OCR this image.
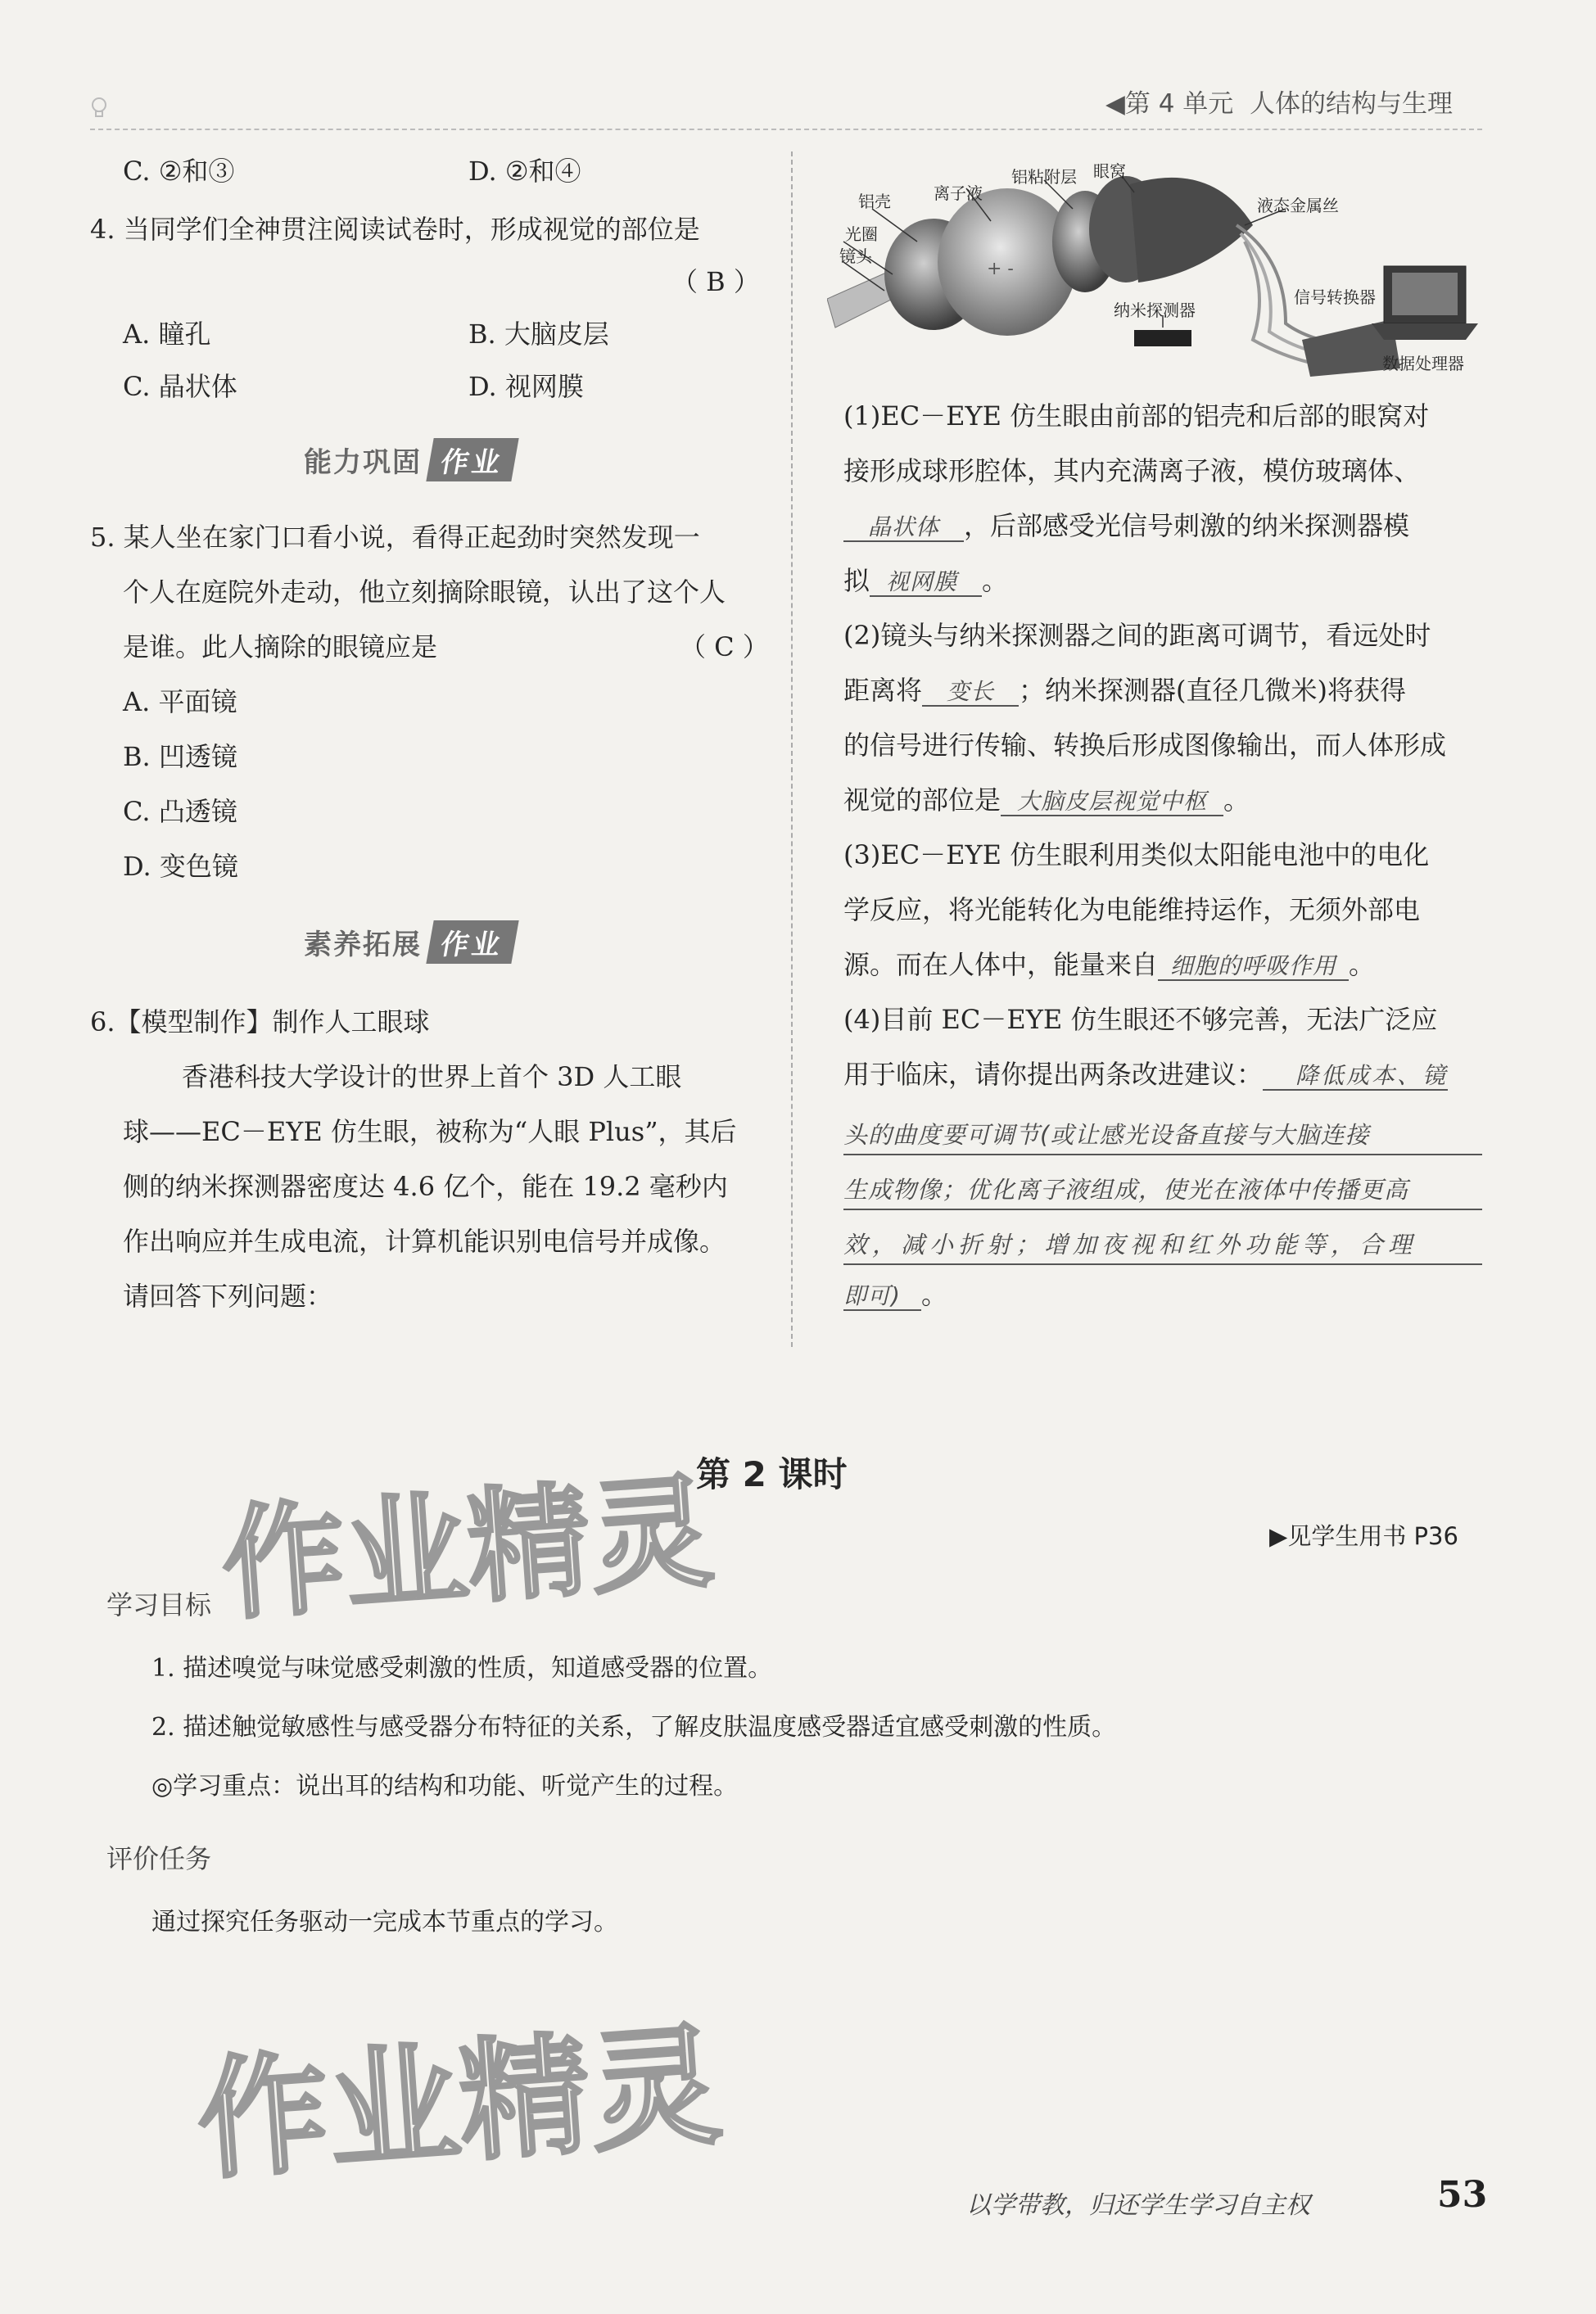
◀第 4 单元 人体的结构与生理
C. ②和③	D. ②和④
4. 当同学们全神贯注阅读试卷时，形成视觉的部位是
（ B ）
A. 瞳孔	B. 大脑皮层
C. 晶状体	D. 视网膜
能力巩固 作业
5. 某人坐在家门口看小说，看得正起劲时突然发现一
个人在庭院外走动，他立刻摘除眼镜，认出了这个人
是谁。此人摘除的眼镜应是	（ C ）
A. 平面镜
B. 凹透镜
C. 凸透镜
D. 变色镜
素养拓展 作业
6.【模型制作】制作人工眼球
香港科技大学设计的世界上首个 3D 人工眼
球——EC－EYE 仿生眼，被称为“人眼 Plus”，其后
侧的纳米探测器密度达 4.6 亿个，能在 19.2 毫秒内
作出响应并生成电流，计算机能识别电信号并成像。
请回答下列问题：
+ -
铝壳	离子液
铝粘附层 眼窝
液态金属丝
光圈
镜头
纳米探测器
信号转换器
数据处理器
(1)EC－EYE 仿生眼由前部的铝壳和后部的眼窝对
接形成球形腔体，其内充满离子液，模仿玻璃体、
晶状体 ，后部感受光信号刺激的纳米探测器模
拟 视网膜 。
(2)镜头与纳米探测器之间的距离可调节，看远处时
距离将 变长 ；纳米探测器(直径几微米)将获得
的信号进行传输、转换后形成图像输出，而人体形成
视觉的部位是 大脑皮层视觉中枢 。
(3)EC－EYE 仿生眼利用类似太阳能电池中的电化
学反应，将光能转化为电能维持运作，无须外部电
源。而在人体中，能量来自 细胞的呼吸作用 。
(4)目前 EC－EYE 仿生眼还不够完善，无法广泛应
用于临床，请你提出两条改进建议： 降低成本、镜
头的曲度要可调节(或让感光设备直接与大脑连接
生成物像；优化离子液组成，使光在液体中传播更高
效，减小折射；增加夜视和红外功能等，合理
即可) 。
作业精灵
第 2 课时
▶见学生用书 P36
学习目标
1. 描述嗅觉与味觉感受刺激的性质，知道感受器的位置。
2. 描述触觉敏感性与感受器分布特征的关系，了解皮肤温度感受器适宜感受刺激的性质。
◎学习重点：说出耳的结构和功能、听觉产生的过程。
评价任务
通过探究任务驱动一完成本节重点的学习。
作业精灵
以学带教，归还学生学习自主权	53
